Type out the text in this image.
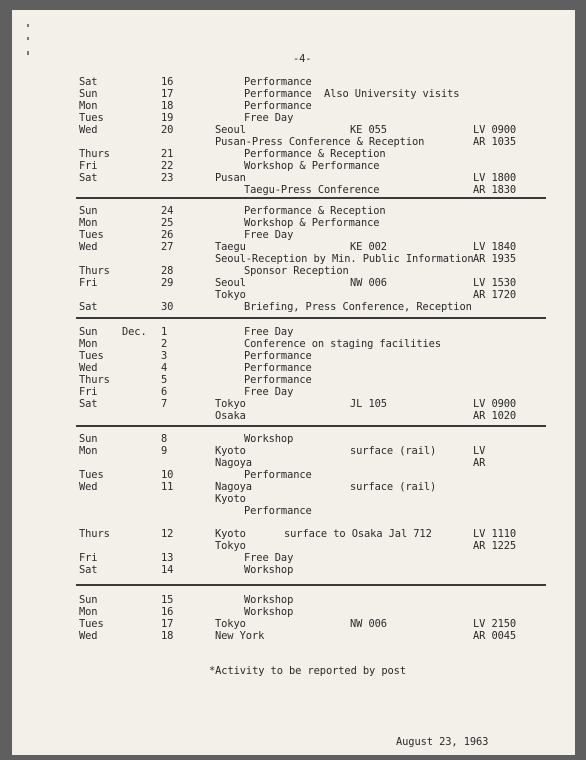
-4-
Sat	16	Performance
Sun	17	Performance  Also University visits
Mon	18	Performance
Tues	19	Free Day
Wed	20	Seoul	KE 055	LV 0900
Pusan-Press Conference & Reception	AR 1035
Thurs	21	Performance & Reception
Fri	22	Workshop & Performance
Sat	23	Pusan	LV 1800
Taegu-Press Conference	AR 1830
Sun	24	Performance & Reception
Mon	25	Workshop & Performance
Tues	26	Free Day
Wed	27	Taegu	KE 002	LV 1840
Seoul-Reception by Min. Public Information AR 1935
Thurs	28	Sponsor Reception
Fri	29	Seoul	NW 006	LV 1530
Tokyo	AR 1720
Sat	30	Briefing, Press Conference, Reception
Sun Dec. 1	Free Day
Mon	2	Conference on staging facilities
Tues	3	Performance
Wed	4	Performance
Thurs	5	Performance
Fri	6	Free Day
Sat	7	Tokyo	JL 105	LV 0900
Osaka	AR 1020
Sun	8	Workshop
Mon	9	Kyoto	surface (rail)	LV
Nagoya	AR
Tues	10	Performance
Wed	11	Nagoya	surface (rail)
Kyoto
Performance
Thurs	12	Kyoto	surface to Osaka Jal 712	LV 1110
Tokyo	AR 1225
Fri	13	Free Day
Sat	14	Workshop
Sun	15	Workshop
Mon	16	Workshop
Tues	17	Tokyo	NW 006	LV 2150
Wed	18	New York	AR 0045
*Activity to be reported by post
August 23, 1963
